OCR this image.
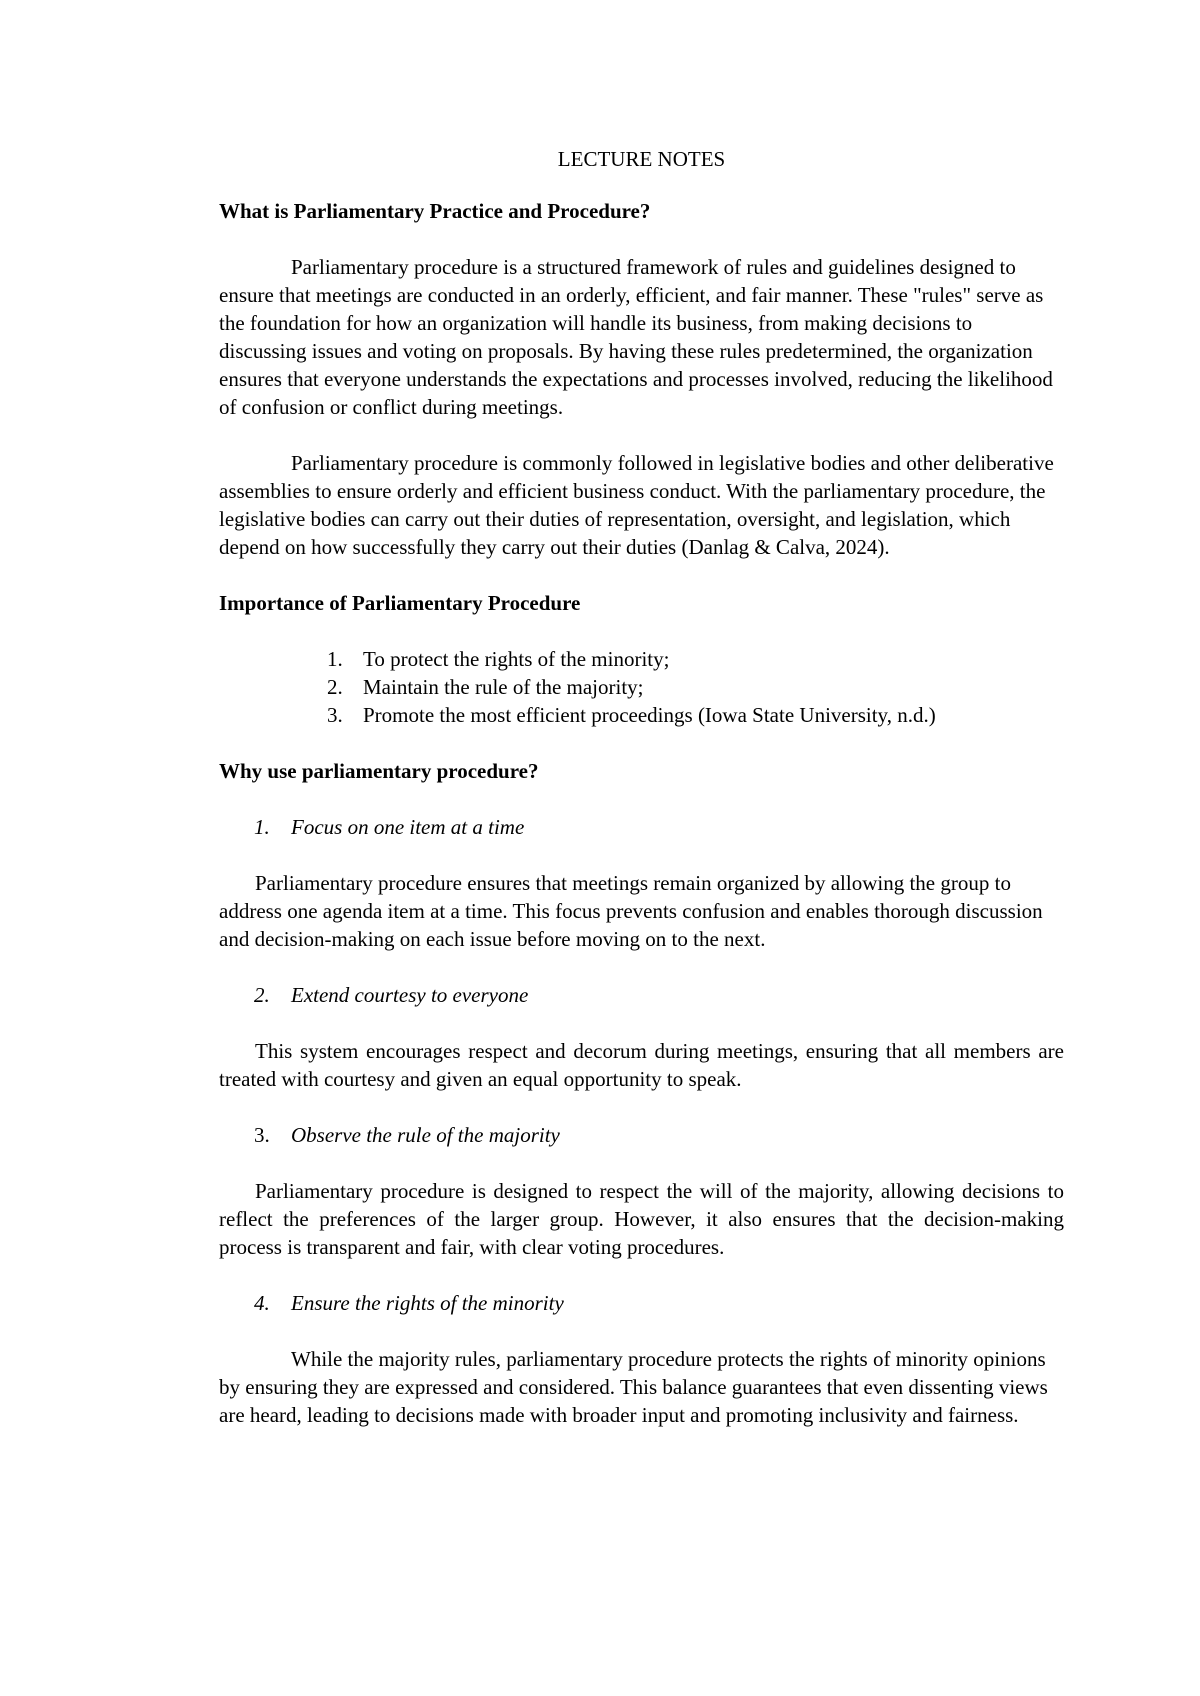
LECTURE NOTES
What is Parliamentary Practice and Procedure?

Parliamentary procedure is a structured framework of rules and guidelines designed to ensure that meetings are conducted in an orderly, efficient, and fair manner. These "rules" serve as the foundation for how an organization will handle its business, from making decisions to discussing issues and voting on proposals. By having these rules predetermined, the organization ensures that everyone understands the expectations and processes involved, reducing the likelihood of confusion or conflict during meetings.

Parliamentary procedure is commonly followed in legislative bodies and other deliberative assemblies to ensure orderly and efficient business conduct. With the parliamentary procedure, the legislative bodies can carry out their duties of representation, oversight, and legislation, which depend on how successfully they carry out their duties (Danlag & Calva, 2024).

Importance of Parliamentary Procedure
1. To protect the rights of the minority;
2. Maintain the rule of the majority;
3. Promote the most efficient proceedings (Iowa State University, n.d.)
Why use parliamentary procedure?
1. Focus on one item at a time

Parliamentary procedure ensures that meetings remain organized by allowing the group to address one agenda item at a time. This focus prevents confusion and enables thorough discussion and decision-making on each issue before moving on to the next.

2. Extend courtesy to everyone

This system encourages respect and decorum during meetings, ensuring that all members are treated with courtesy and given an equal opportunity to speak.

3. Observe the rule of the majority

Parliamentary procedure is designed to respect the will of the majority, allowing decisions to reflect the preferences of the larger group. However, it also ensures that the decision-making process is transparent and fair, with clear voting procedures.

4. Ensure the rights of the minority

While the majority rules, parliamentary procedure protects the rights of minority opinions by ensuring they are expressed and considered. This balance guarantees that even dissenting views are heard, leading to decisions made with broader input and promoting inclusivity and fairness.
